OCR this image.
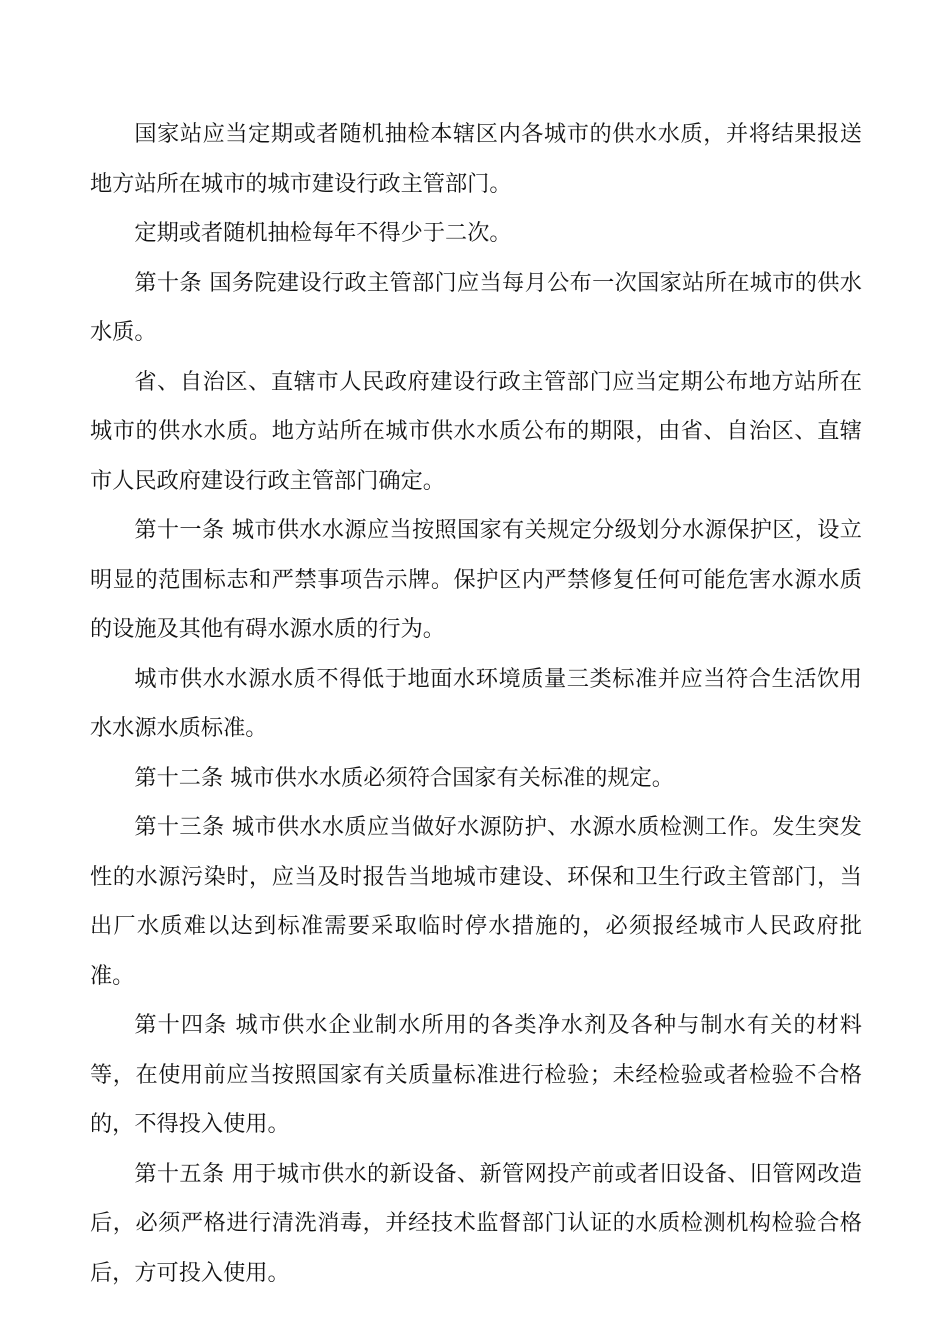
国家站应当定期或者随机抽检本辖区内各城市的供水水质，并将结果报送地方站所在城市的城市建设行政主管部门。

定期或者随机抽检每年不得少于二次。

第十条 国务院建设行政主管部门应当每月公布一次国家站所在城市的供水水质。

省、自治区、直辖市人民政府建设行政主管部门应当定期公布地方站所在城市的供水水质。地方站所在城市供水水质公布的期限，由省、自治区、直辖市人民政府建设行政主管部门确定。

第十一条 城市供水水源应当按照国家有关规定分级划分水源保护区，设立明显的范围标志和严禁事项告示牌。保护区内严禁修复任何可能危害水源水质的设施及其他有碍水源水质的行为。

城市供水水源水质不得低于地面水环境质量三类标准并应当符合生活饮用水水源水质标准。

第十二条 城市供水水质必须符合国家有关标准的规定。

第十三条 城市供水水质应当做好水源防护、水源水质检测工作。发生突发性的水源污染时，应当及时报告当地城市建设、环保和卫生行政主管部门，当出厂水质难以达到标准需要采取临时停水措施的，必须报经城市人民政府批准。

第十四条 城市供水企业制水所用的各类净水剂及各种与制水有关的材料等，在使用前应当按照国家有关质量标准进行检验；未经检验或者检验不合格的，不得投入使用。

第十五条 用于城市供水的新设备、新管网投产前或者旧设备、旧管网改造后，必须严格进行清洗消毒，并经技术监督部门认证的水质检测机构检验合格后，方可投入使用。
